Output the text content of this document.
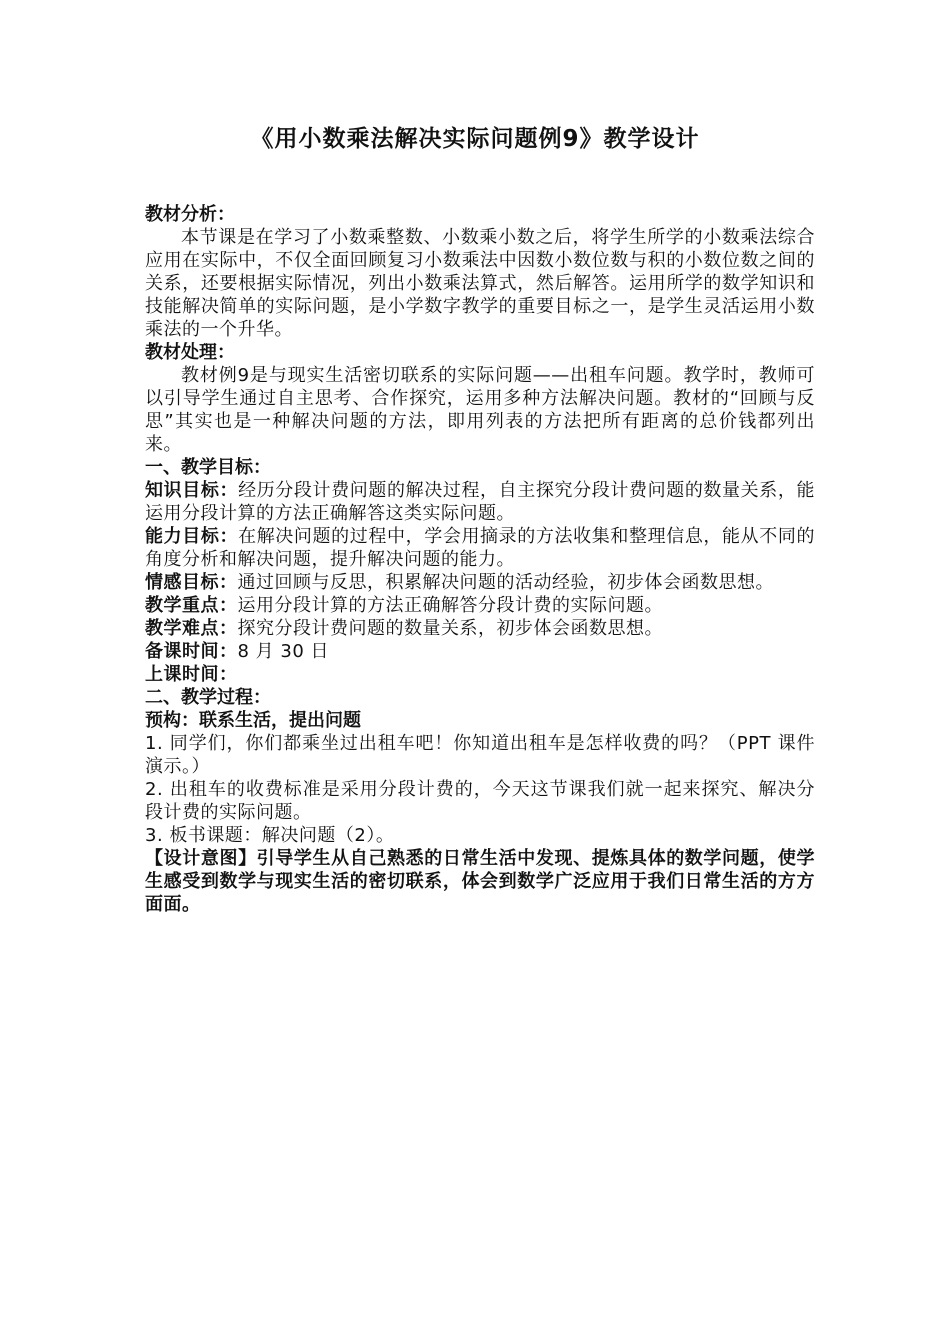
《用小数乘法解决实际问题例9》教学设计

教材分析：

本节课是在学习了小数乘整数、小数乘小数之后，将学生所学的小数乘法综合应用在实际中，不仅全面回顾复习小数乘法中因数小数位数与积的小数位数之间的关系，还要根据实际情况，列出小数乘法算式，然后解答。运用所学的数学知识和技能解决简单的实际问题，是小学数字教学的重要目标之一，是学生灵活运用小数乘法的一个升华。

教材处理：

教材例9是与现实生活密切联系的实际问题——出租车问题。教学时，教师可以引导学生通过自主思考、合作探究，运用多种方法解决问题。教材的“回顾与反思”其实也是一种解决问题的方法，即用列表的方法把所有距离的总价钱都列出来。

一、教学目标：

知识目标：经历分段计费问题的解决过程，自主探究分段计费问题的数量关系，能运用分段计算的方法正确解答这类实际问题。

能力目标：在解决问题的过程中，学会用摘录的方法收集和整理信息，能从不同的角度分析和解决问题，提升解决问题的能力。

情感目标：通过回顾与反思，积累解决问题的活动经验，初步体会函数思想。

教学重点：运用分段计算的方法正确解答分段计费的实际问题。

教学难点：探究分段计费问题的数量关系，初步体会函数思想。

备课时间：8 月 30 日

上课时间：

二、教学过程：

预构：联系生活，提出问题

1. 同学们，你们都乘坐过出租车吧！你知道出租车是怎样收费的吗？（PPT 课件演示。）

2. 出租车的收费标准是采用分段计费的，今天这节课我们就一起来探究、解决分段计费的实际问题。

3. 板书课题：解决问题（2）。

【设计意图】引导学生从自己熟悉的日常生活中发现、提炼具体的数学问题，使学生感受到数学与现实生活的密切联系，体会到数学广泛应用于我们日常生活的方方面面。
